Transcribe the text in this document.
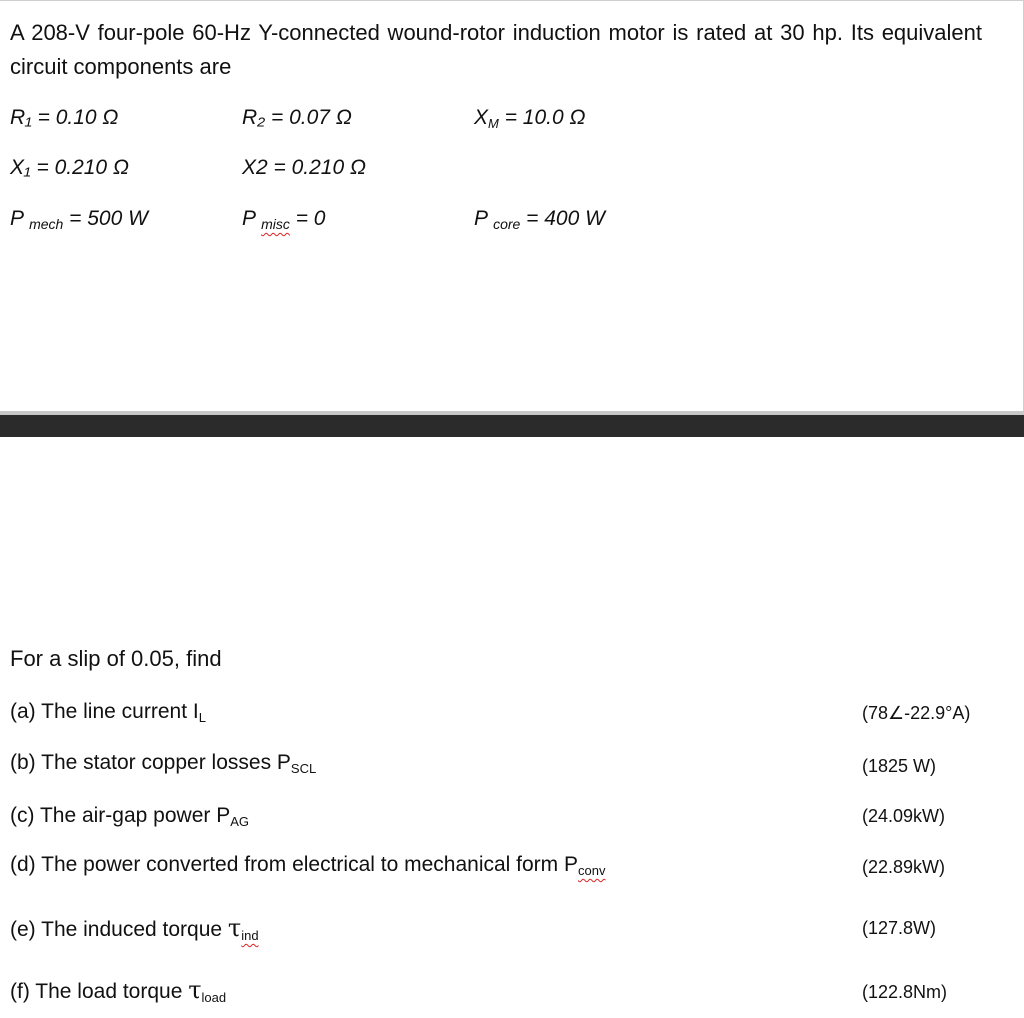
A 208-V four-pole 60-Hz Y-connected wound-rotor induction motor is rated at 30 hp. Its equivalent circuit components are
R₁ = 0.10 Ω	R₂ = 0.07 Ω	$X_M = 10.0$ Ω
X₁ = 0.210 Ω	X2 = 0.210 Ω
P $_{mech}$ = 500 W	P $_{misc}$ = 0	P $_{core}$ = 400 W
For a slip of 0.05, find
(a) The line current $I_L$	(78∠-22.9°A)
(b) The stator copper losses $P_{SCL}$	(1825 W)
(c) The air-gap power $P_{AG}$	(24.09kW)
(d) The power converted from electrical to mechanical form $P_{conv}$	(22.89kW)
(e) The induced torque $\tau_{ind}$	(127.8W)
(f) The load torque $\tau_{load}$	(122.8Nm)
